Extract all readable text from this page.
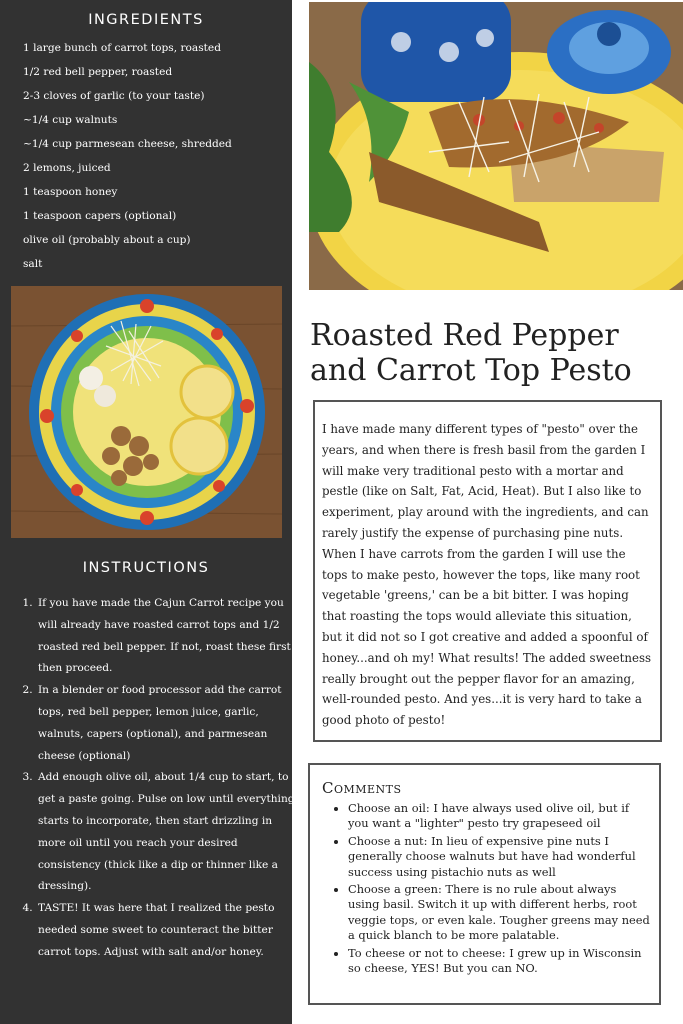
INGREDIENTS
1 large bunch of carrot tops, roasted
1/2 red bell pepper, roasted
2-3 cloves of garlic (to your taste)
~1/4 cup walnuts
~1/4 cup parmesean cheese, shredded
2 lemons, juiced
1 teaspoon honey
1 teaspoon capers (optional)
olive oil (probably about a cup)
salt
INSTRUCTIONS
1. If you have made the Cajun Carrot recipe you will already have roasted carrot tops and 1/2 roasted red bell pepper. If not, roast these first then proceed.
2. In a blender or food processor add the carrot tops, red bell pepper, lemon juice, garlic, walnuts, capers (optional), and parmesean cheese (optional)
3. Add enough olive oil, about 1/4 cup to start, to get a paste going. Pulse on low until everything starts to incorporate, then start drizzling in more oil until you reach your desired consistency (thick like a dip or thinner like a dressing).
4. TASTE! It was here that I realized the pesto needed some sweet to counteract the bitter carrot tops. Adjust with salt and/or honey.
Roasted Red Pepper and Carrot Top Pesto

I have made many different types of "pesto" over the years, and when there is fresh basil from the garden I will make very traditional pesto with a mortar and pestle (like on Salt, Fat, Acid, Heat). But I also like to experiment, play around with the ingredients, and can rarely justify the expense of purchasing pine nuts. When I have carrots from the garden I will use the tops to make pesto, however the tops, like many root vegetable 'greens,' can be a bit bitter. I was hoping that roasting the tops would alleviate this situation, but it did not so I got creative and added a spoonful of honey...and oh my! What results! The added sweetness really brought out the pepper flavor for an amazing, well-rounded pesto. And yes...it is very hard to take a good photo of pesto!

Comments
• Choose an oil: I have always used olive oil, but if you want a "lighter" pesto try grapeseed oil
• Choose a nut: In lieu of expensive pine nuts I generally choose walnuts but have had wonderful success using pistachio nuts as well
• Choose a green: There is no rule about always using basil. Switch it up with different herbs, root veggie tops, or even kale. Tougher greens may need a quick blanch to be more palatable.
• To cheese or not to cheese: I grew up in Wisconsin so cheese, YES! But you can NO.
